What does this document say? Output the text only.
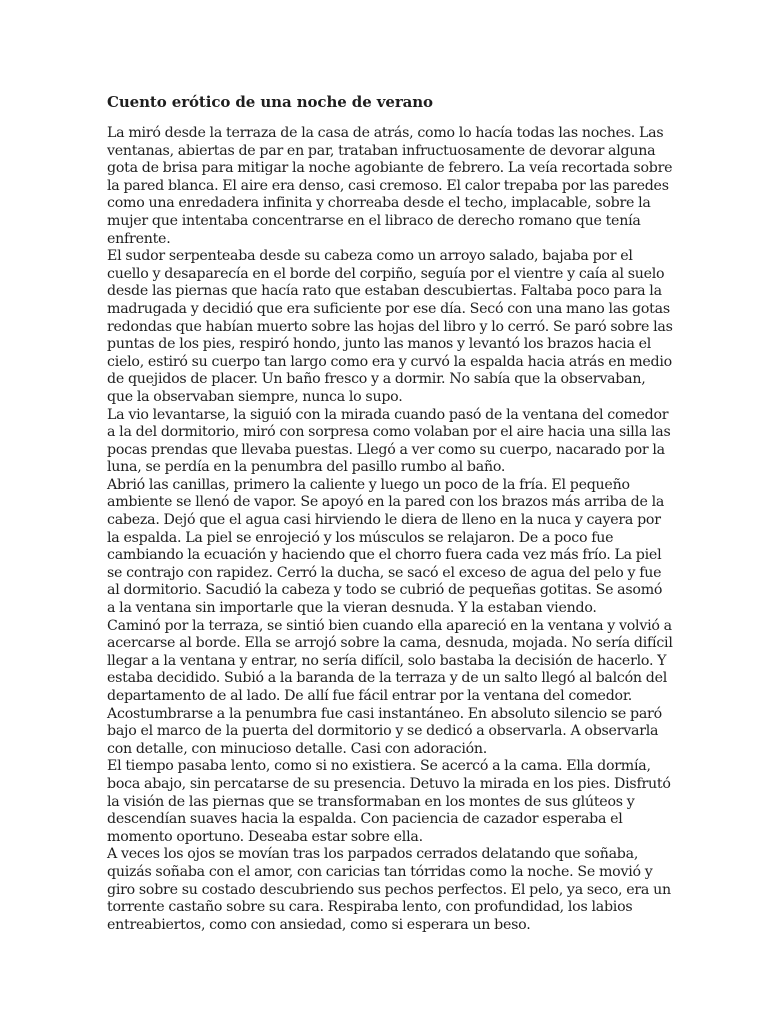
Cuento erótico de una noche de verano

La miró desde la terraza de la casa de atrás, como lo hacía todas las noches. Las ventanas, abiertas de par en par, trataban infructuosamente de devorar alguna gota de brisa para mitigar la noche agobiante de febrero. La veía recortada sobre la pared blanca. El aire era denso, casi cremoso. El calor trepaba por las paredes como una enredadera infinita y chorreaba desde el techo, implacable, sobre la mujer que intentaba concentrarse en el libraco de derecho romano que tenía enfrente.

El sudor serpenteaba desde su cabeza como un arroyo salado, bajaba por el cuello y desaparecía en el borde del corpiño, seguía por el vientre y caía al suelo desde las piernas que hacía rato que estaban descubiertas. Faltaba poco para la madrugada y decidió que era suficiente por ese día. Secó con una mano las gotas redondas que habían muerto sobre las hojas del libro y lo cerró. Se paró sobre las puntas de los pies, respiró hondo, junto las manos y levantó los brazos hacia el cielo, estiró su cuerpo tan largo como era y curvó la espalda hacia atrás en medio de quejidos de placer. Un baño fresco y a dormir. No sabía que la observaban, que la observaban siempre, nunca lo supo.

La vio levantarse, la siguió con la mirada cuando pasó de la ventana del comedor a la del dormitorio, miró con sorpresa como volaban por el aire hacia una silla las pocas prendas que llevaba puestas. Llegó a ver como su cuerpo, nacarado por la luna, se perdía en la penumbra del pasillo rumbo al baño.

Abrió las canillas, primero la caliente y luego un poco de la fría. El pequeño ambiente se llenó de vapor. Se apoyó en la pared con los brazos más arriba de la cabeza. Dejó que el agua casi hirviendo le diera de lleno en la nuca y cayera por la espalda. La piel se enrojeció y los músculos se relajaron. De a poco fue cambiando la ecuación y haciendo que el chorro fuera cada vez más frío. La piel se contrajo con rapidez. Cerró la ducha, se sacó el exceso de agua del pelo y fue al dormitorio. Sacudió la cabeza y todo se cubrió de pequeñas gotitas. Se asomó a la ventana sin importarle que la vieran desnuda. Y la estaban viendo.

Caminó por la terraza, se sintió bien cuando ella apareció en la ventana y volvió a acercarse al borde. Ella se arrojó sobre la cama, desnuda, mojada. No sería difícil llegar a la ventana y entrar, no sería difícil, solo bastaba la decisión de hacerlo. Y estaba decidido. Subió a la baranda de la terraza y de un salto llegó al balcón del departamento de al lado. De allí fue fácil entrar por la ventana del comedor.

Acostumbrarse a la penumbra fue casi instantáneo. En absoluto silencio se paró bajo el marco de la puerta del dormitorio y se dedicó a observarla. A observarla con detalle, con minucioso detalle. Casi con adoración.

El tiempo pasaba lento, como si no existiera. Se acercó a la cama. Ella dormía, boca abajo, sin percatarse de su presencia. Detuvo la mirada en los pies. Disfrutó la visión de las piernas que se transformaban en los montes de sus glúteos y descendían suaves hacia la espalda. Con paciencia de cazador esperaba el momento oportuno. Deseaba estar sobre ella.

A veces los ojos se movían tras los parpados cerrados delatando que soñaba, quizás soñaba con el amor, con caricias tan tórridas como la noche. Se movió y giro sobre su costado descubriendo sus pechos perfectos. El pelo, ya seco, era un torrente castaño sobre su cara. Respiraba lento, con profundidad, los labios entreabiertos, como con ansiedad, como si esperara un beso.
